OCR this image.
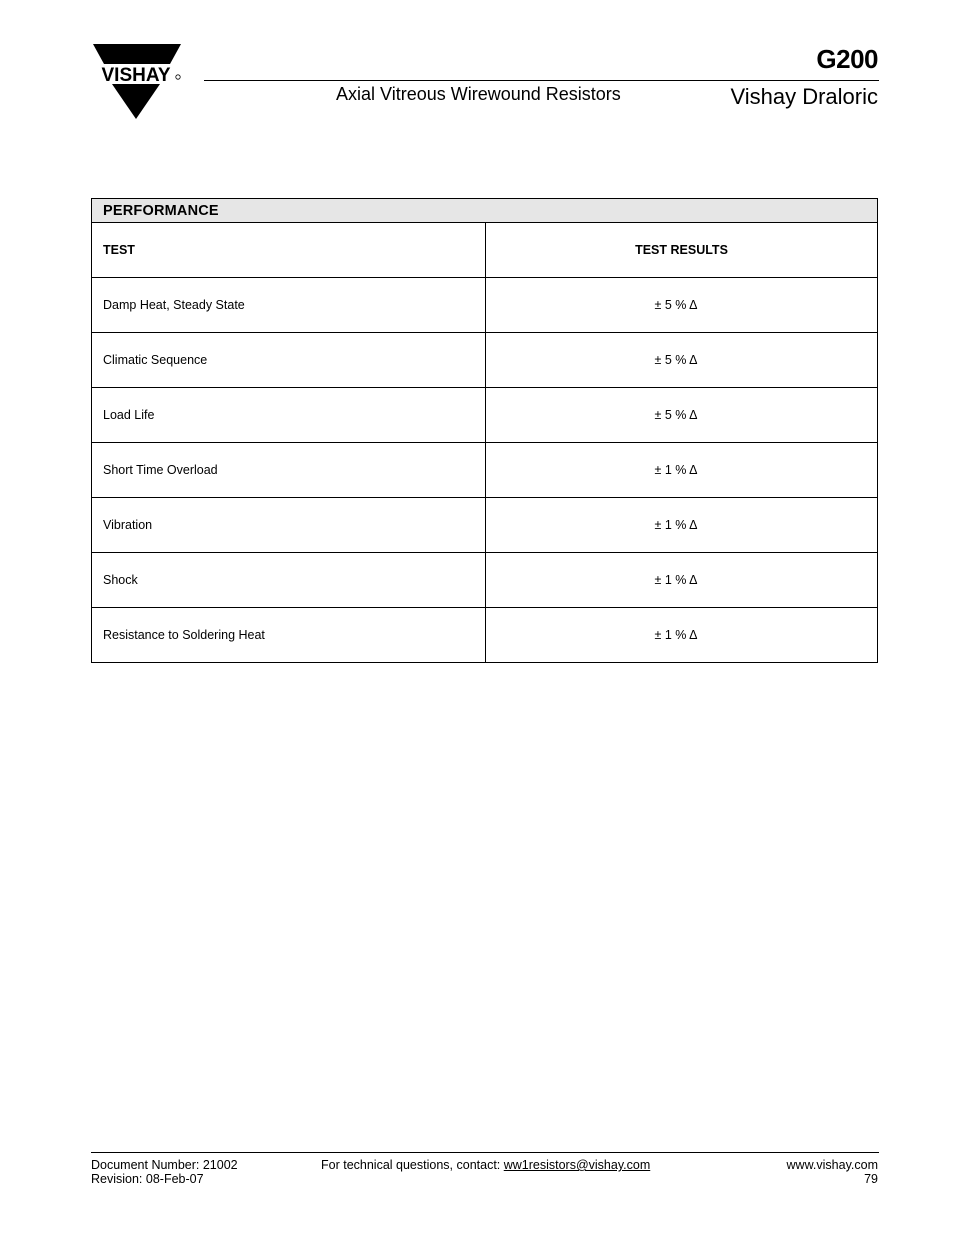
VISHAY
G200
Axial Vitreous Wirewound Resistors	Vishay Draloric
PERFORMANCE	
TEST	TEST RESULTS
Damp Heat, Steady State	± 5 % Δ
Climatic Sequence	± 5 % Δ
Load Life	± 5 % Δ
Short Time Overload	± 1 % Δ
Vibration	± 1 % Δ
Shock	± 1 % Δ
Resistance to Soldering Heat	± 1 % Δ
Document Number: 21002
Revision: 08-Feb-07
For technical questions, contact: ww1resistors@vishay.com	www.vishay.com
79
